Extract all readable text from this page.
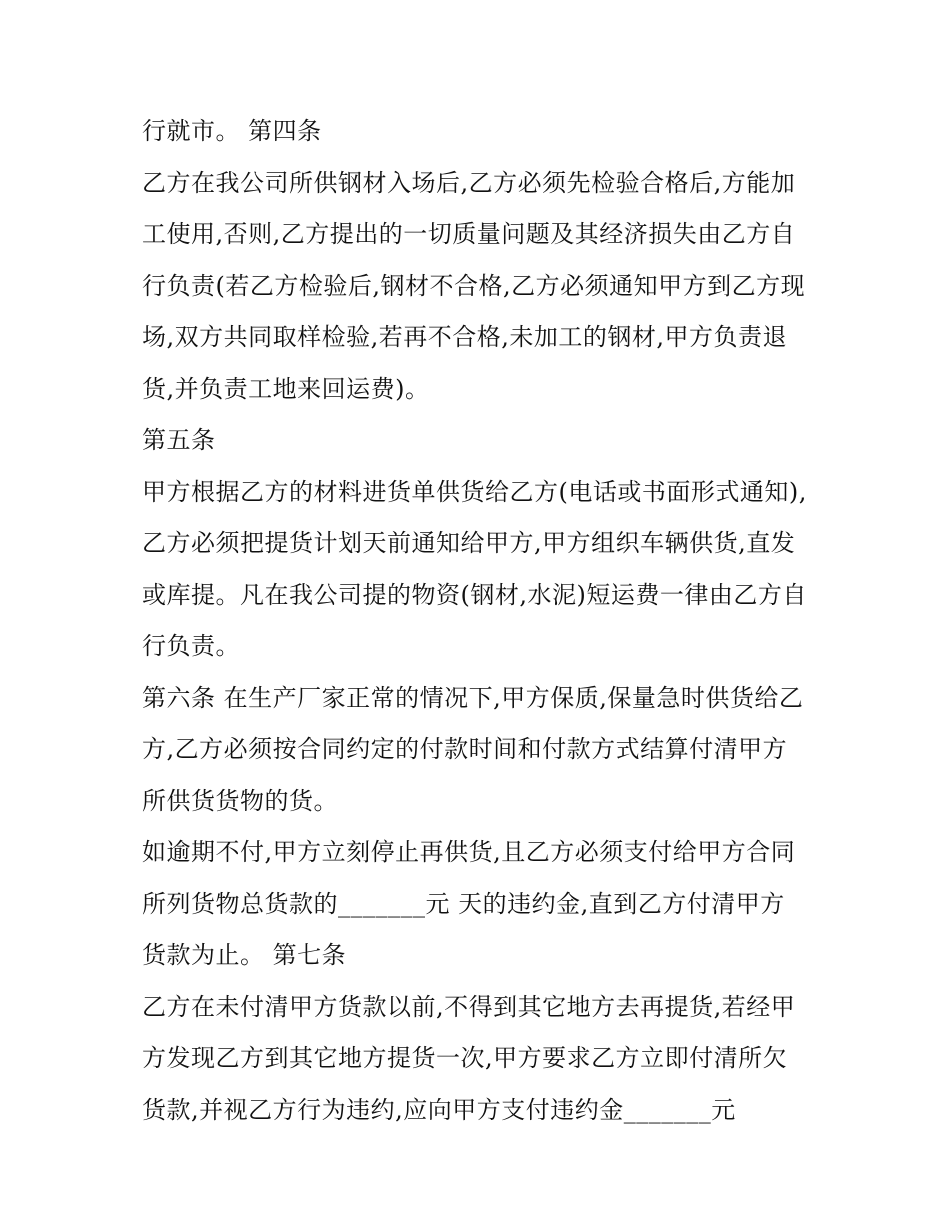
行就市。 第四条
乙方在我公司所供钢材入场后,乙方必须先检验合格后,方能加
工使用,否则,乙方提出的一切质量问题及其经济损失由乙方自
行负责(若乙方检验后,钢材不合格,乙方必须通知甲方到乙方现
场,双方共同取样检验,若再不合格,未加工的钢材,甲方负责退
货,并负责工地来回运费)。
第五条
甲方根据乙方的材料进货单供货给乙方(电话或书面形式通知),
乙方必须把提货计划天前通知给甲方,甲方组织车辆供货,直发
或库提。凡在我公司提的物资(钢材,水泥)短运费一律由乙方自
行负责。
第六条 在生产厂家正常的情况下,甲方保质,保量急时供货给乙
方,乙方必须按合同约定的付款时间和付款方式结算付清甲方
所供货货物的货。
如逾期不付,甲方立刻停止再供货,且乙方必须支付给甲方合同
所列货物总货款的_______元 天的违约金,直到乙方付清甲方
货款为止。 第七条
乙方在未付清甲方货款以前,不得到其它地方去再提货,若经甲
方发现乙方到其它地方提货一次,甲方要求乙方立即付清所欠
货款,并视乙方行为违约,应向甲方支付违约金_______元
